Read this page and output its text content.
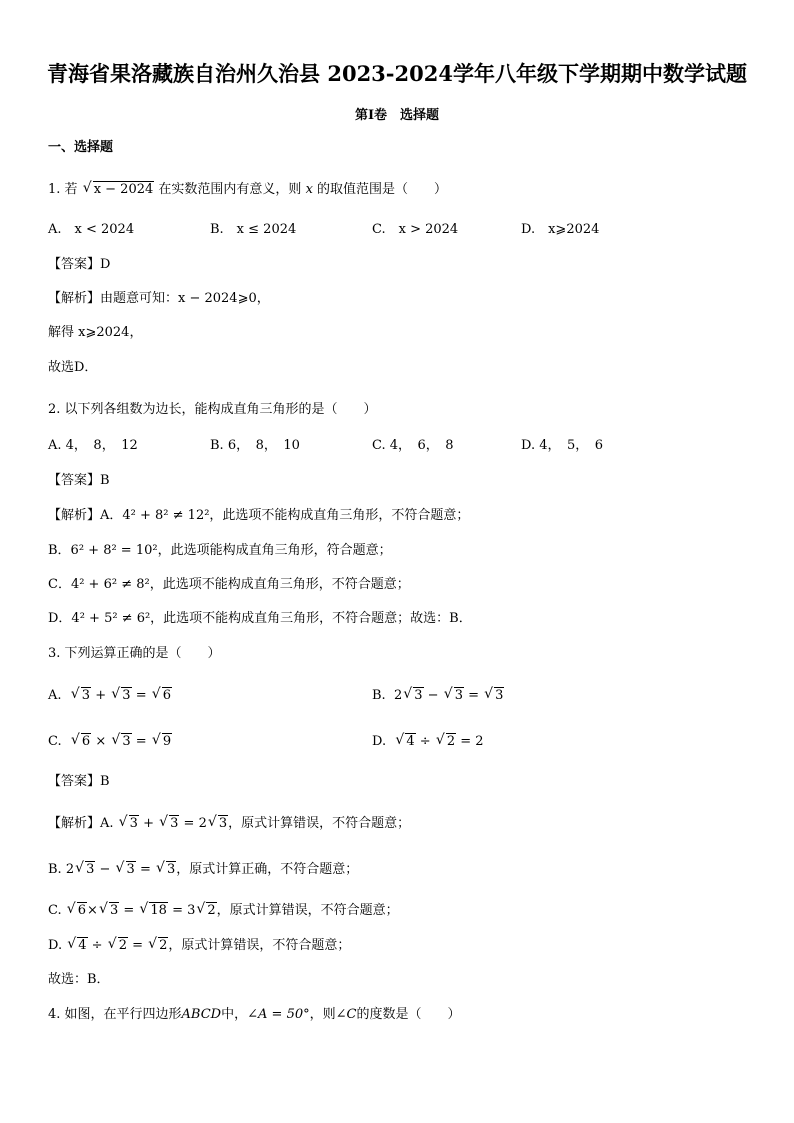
青海省果洛藏族自治州久治县 2023-2024学年八年级下学期期中数学试题
第Ⅰ卷　选择题
一、选择题
1. 若 √ x − 2024 在实数范围内有意义，则 x 的取值范围是（　　）
A.　x < 2024	B.　x ≤ 2024	C.　x > 2024	D.　x⩾2024
【答案】D
【解析】由题意可知：x − 2024⩾0，
解得 x⩾2024，
故选D．
2. 以下列各组数为边长，能构成直角三角形的是（　　）
A. 4，　8，　12	B. 6，　8，　10	C. 4，　6，　8	D. 4，　5，　6
【答案】B
【解析】A．4² + 8² ≠ 12²，此选项不能构成直角三角形，不符合题意；
B．6² + 8² = 10²，此选项能构成直角三角形，符合题意；
C．4² + 6² ≠ 8²，此选项不能构成直角三角形，不符合题意；
D．4² + 5² ≠ 6²，此选项不能构成直角三角形，不符合题意；故选：B．
3. 下列运算正确的是（　　）
A. √ 3 + √ 3 = √ 6	B. 2 √ 3 − √ 3 = √ 3
C. √ 6 × √ 3 = √ 9	D. √ 4 ÷ √ 2 = 2
【答案】B
【解析】A. √ 3 + √ 3 = 2 √ 3，原式计算错误，不符合题意；
B. 2 √ 3 − √ 3 = √ 3，原式计算正确，不符合题意；
C. √ 6× √ 3 = √ 18 = 3 √ 2，原式计算错误，不符合题意；
D. √ 4 ÷ √ 2 = √ 2，原式计算错误，不符合题意；
故选：B．
4. 如图，在平行四边形ABCD中，∠A = 50°，则∠C的度数是（　　）
